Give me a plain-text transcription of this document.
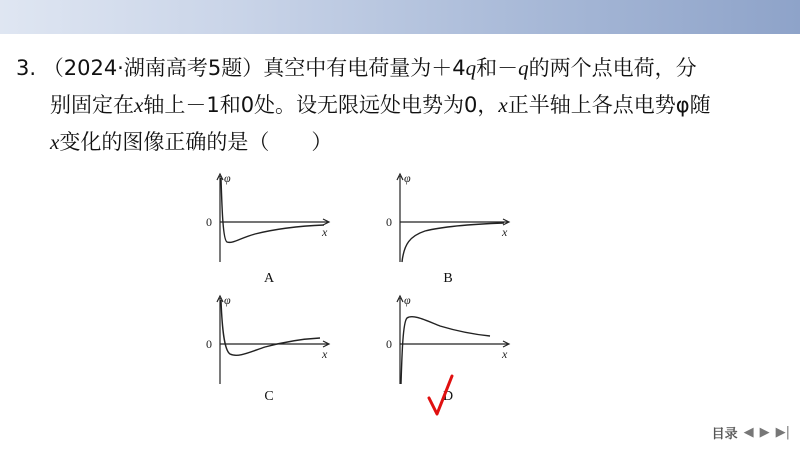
3. （2024·湖南高考5题）真空中有电荷量为＋4q和－q的两个点电荷，分
别固定在x轴上－1和0处。设无限远处电势为0，x正半轴上各点电势φ随
x变化的图像正确的是（　　）
φ
0
x
A
φ
0
x
B
φ
0
x
C
φ
0
x
D
目录 ◀ ▶ ▶|
